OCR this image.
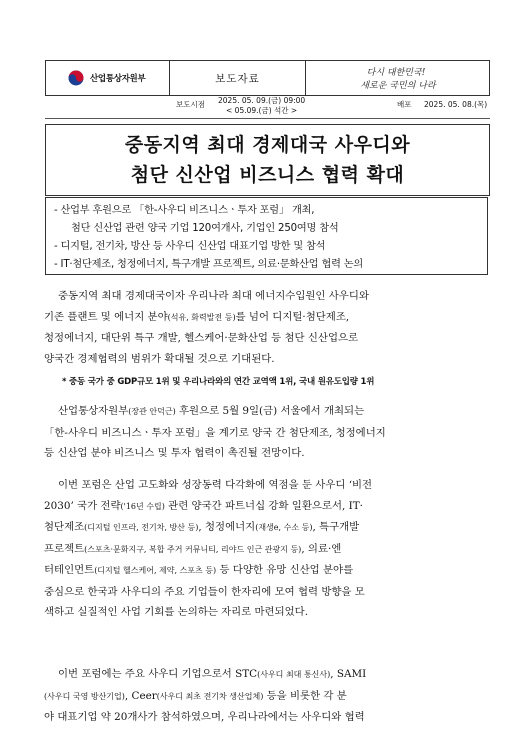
산업통상자원부	보도자료	다시 대한민국!
새로운 국민의 나라
보도시점 2025. 05. 09.(금) 09:00
< 05.09.(금) 석간 >
배포 2025. 05. 08.(목)
중동지역 최대 경제대국 사우디와
첨단 신산업 비즈니스 협력 확대

- 산업부 후원으로 「한-사우디 비즈니스ㆍ투자 포럼」 개최,

첨단 신산업 관련 양국 기업 120여개사, 기업인 250여명 참석

- 디지털, 전기차, 방산 등 사우디 신산업 대표기업 방한 및 참석

- IT·첨단제조, 청정에너지, 특구개발 프로젝트, 의료·문화산업 협력 논의

중동지역 최대 경제대국이자 우리나라 최대 에너지수입원인 사우디와
기존 플랜트 및 에너지 분야(석유, 화력발전 등)를 넘어 디지털·첨단제조,
청정에너지, 대단위 특구 개발, 헬스케어·문화산업 등 첨단 신산업으로
양국간 경제협력의 범위가 확대될 것으로 기대된다.
* 중동 국가 중 GDP규모 1위 및 우리나라와의 연간 교역액 1위, 국내 원유도입량 1위
산업통상자원부(장관 안덕근) 후원으로 5월 9일(금) 서울에서 개최되는
「한-사우디 비즈니스ㆍ투자 포럼」을 계기로 양국 간 첨단제조, 청정에너지
등 신산업 분야 비즈니스 및 투자 협력이 촉진될 전망이다.
이번 포럼은 산업 고도화와 성장동력 다각화에 역점을 둔 사우디 ‘비전
2030’ 국가 전략('16년 수립) 관련 양국간 파트너십 강화 일환으로서, IT·
첨단제조(디지털 인프라, 전기차, 방산 등), 청정에너지(재생e, 수소 등), 특구개발
프로젝트(스포츠·문화지구, 복합 주거 커뮤니티, 리야드 인근 관광지 등), 의료·엔
터테인먼트(디지털 헬스케어, 제약, 스포츠 등) 등 다양한 유망 신산업 분야를
중심으로 한국과 사우디의 주요 기업들이 한자리에 모여 협력 방향을 모
색하고 실질적인 사업 기회를 논의하는 자리로 마련되었다.
이번 포럼에는 주요 사우디 기업으로서 STC(사우디 최대 통신사), SAMI
(사우디 국영 방산기업), Ceer(사우디 최초 전기차 생산업체) 등을 비롯한 각 분
야 대표기업 약 20개사가 참석하였으며, 우리나라에서는 사우디와 협력
